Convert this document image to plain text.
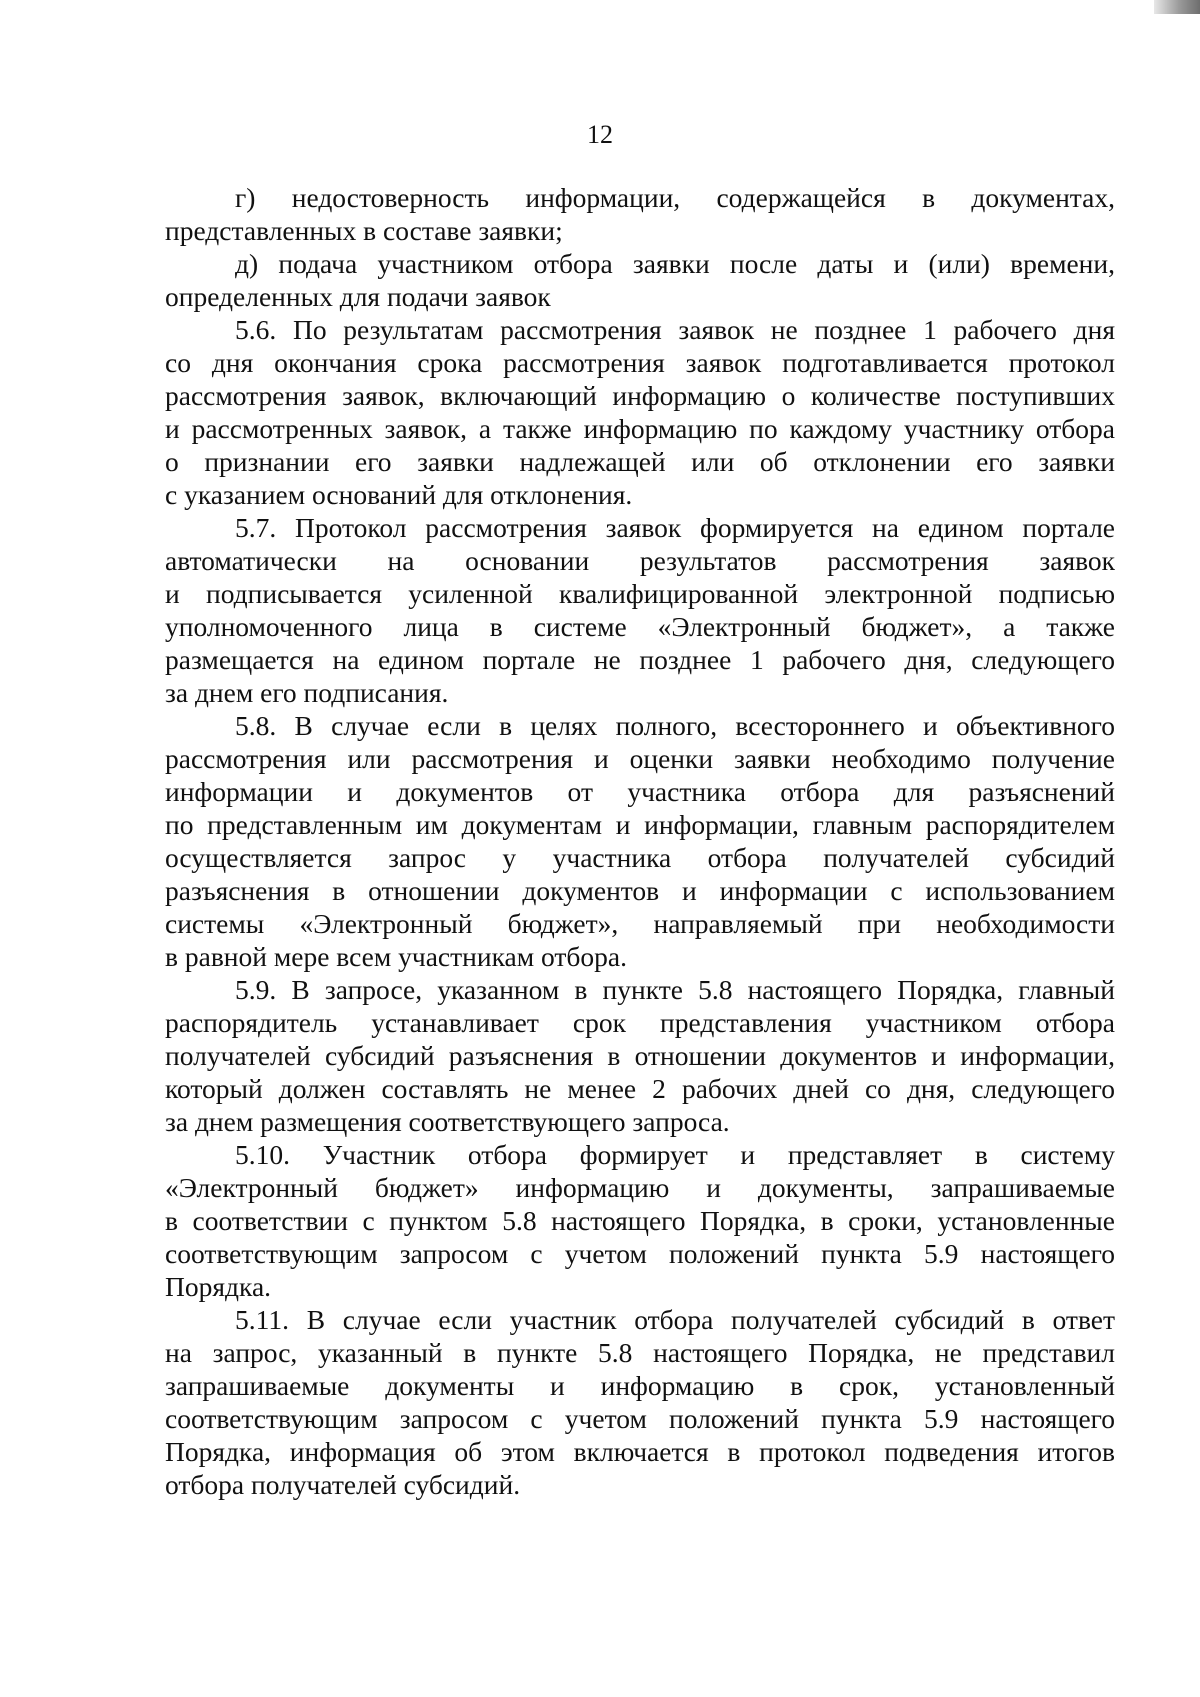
12
г) недостоверность информации, содержащейся в документах,
представленных в составе заявки;
д) подача участником отбора заявки после даты и (или) времени,
определенных для подачи заявок
5.6. По результатам рассмотрения заявок не позднее 1 рабочего дня
со дня окончания срока рассмотрения заявок подготавливается протокол
рассмотрения заявок, включающий информацию о количестве поступивших
и рассмотренных заявок, а также информацию по каждому участнику отбора
о признании его заявки надлежащей или об отклонении его заявки
с указанием оснований для отклонения.
5.7. Протокол рассмотрения заявок формируется на едином портале
автоматически на основании результатов рассмотрения заявок
и подписывается усиленной квалифицированной электронной подписью
уполномоченного лица в системе «Электронный бюджет», а также
размещается на едином портале не позднее 1 рабочего дня, следующего
за днем его подписания.
5.8. В случае если в целях полного, всестороннего и объективного
рассмотрения или рассмотрения и оценки заявки необходимо получение
информации и документов от участника отбора для разъяснений
по представленным им документам и информации, главным распорядителем
осуществляется запрос у участника отбора получателей субсидий
разъяснения в отношении документов и информации с использованием
системы «Электронный бюджет», направляемый при необходимости
в равной мере всем участникам отбора.
5.9. В запросе, указанном в пункте 5.8 настоящего Порядка, главный
распорядитель устанавливает срок представления участником отбора
получателей субсидий разъяснения в отношении документов и информации,
который должен составлять не менее 2 рабочих дней со дня, следующего
за днем размещения соответствующего запроса.
5.10. Участник отбора формирует и представляет в систему
«Электронный бюджет» информацию и документы, запрашиваемые
в соответствии с пунктом 5.8 настоящего Порядка, в сроки, установленные
соответствующим запросом с учетом положений пункта 5.9 настоящего
Порядка.
5.11. В случае если участник отбора получателей субсидий в ответ
на запрос, указанный в пункте 5.8 настоящего Порядка, не представил
запрашиваемые документы и информацию в срок, установленный
соответствующим запросом с учетом положений пункта 5.9 настоящего
Порядка, информация об этом включается в протокол подведения итогов
отбора получателей субсидий.
